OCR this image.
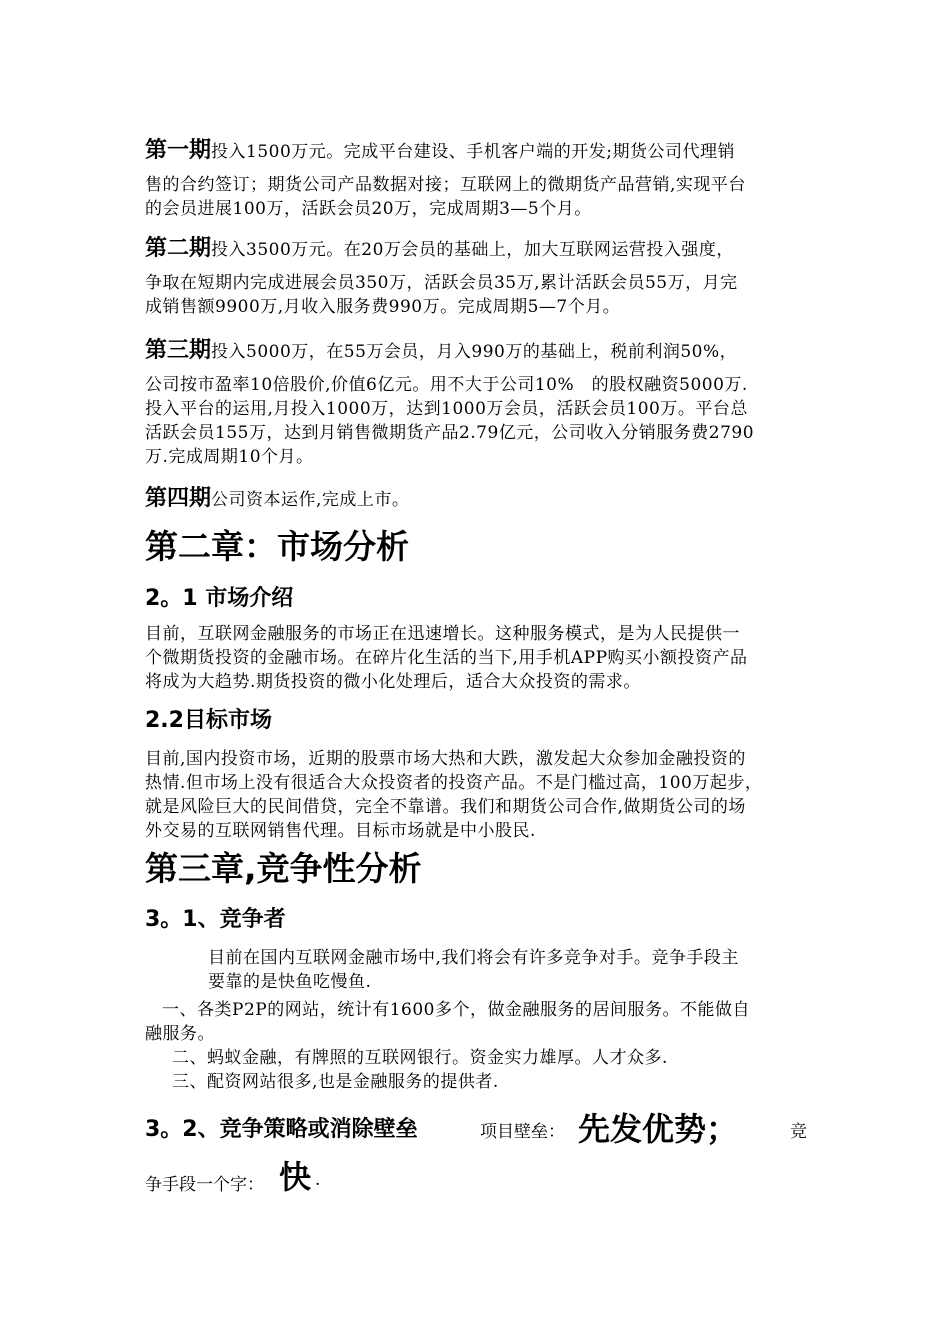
第一期投入1500万元。完成平台建设、手机客户端的开发;期货公司代理销
售的合约签订；期货公司产品数据对接；互联网上的微期货产品营销,实现平台
的会员进展100万，活跃会员20万，完成周期3—5个月。
第二期投入3500万元。在20万会员的基础上，加大互联网运营投入强度，
争取在短期内完成进展会员350万，活跃会员35万,累计活跃会员55万，月完
成销售额9900万,月收入服务费990万。完成周期5—7个月。
第三期投入5000万，在55万会员，月入990万的基础上，税前利润50%，
公司按市盈率10倍股价,价值6亿元。用不大于公司10%　的股权融资5000万.
投入平台的运用,月投入1000万，达到1000万会员，活跃会员100万。平台总
活跃会员155万，达到月销售微期货产品2.79亿元，公司收入分销服务费2790
万.完成周期10个月。
第四期公司资本运作,完成上市。
第二章：市场分析
2。1 市场介绍
目前，互联网金融服务的市场正在迅速增长。这种服务模式，是为人民提供一
个微期货投资的金融市场。在碎片化生活的当下,用手机APP购买小额投资产品
将成为大趋势.期货投资的微小化处理后，适合大众投资的需求。
2.2目标市场
目前,国内投资市场，近期的股票市场大热和大跌，激发起大众参加金融投资的
热情.但市场上没有很适合大众投资者的投资产品。不是门槛过高，100万起步，
就是风险巨大的民间借贷，完全不靠谱。我们和期货公司合作,做期货公司的场
外交易的互联网销售代理。目标市场就是中小股民.
第三章,竞争性分析
3。1、竞争者
目前在国内互联网金融市场中,我们将会有许多竞争对手。竞争手段主
要靠的是快鱼吃慢鱼.
一、各类P2P的网站，统计有1600多个，做金融服务的居间服务。不能做自
融服务。
二、蚂蚁金融，有牌照的互联网银行。资金实力雄厚。人才众多.
三、配资网站很多,也是金融服务的提供者.
3。2、竞争策略或消除壁垒	项目壁垒： 先发优势；	竞
争手段一个字： 快 .
